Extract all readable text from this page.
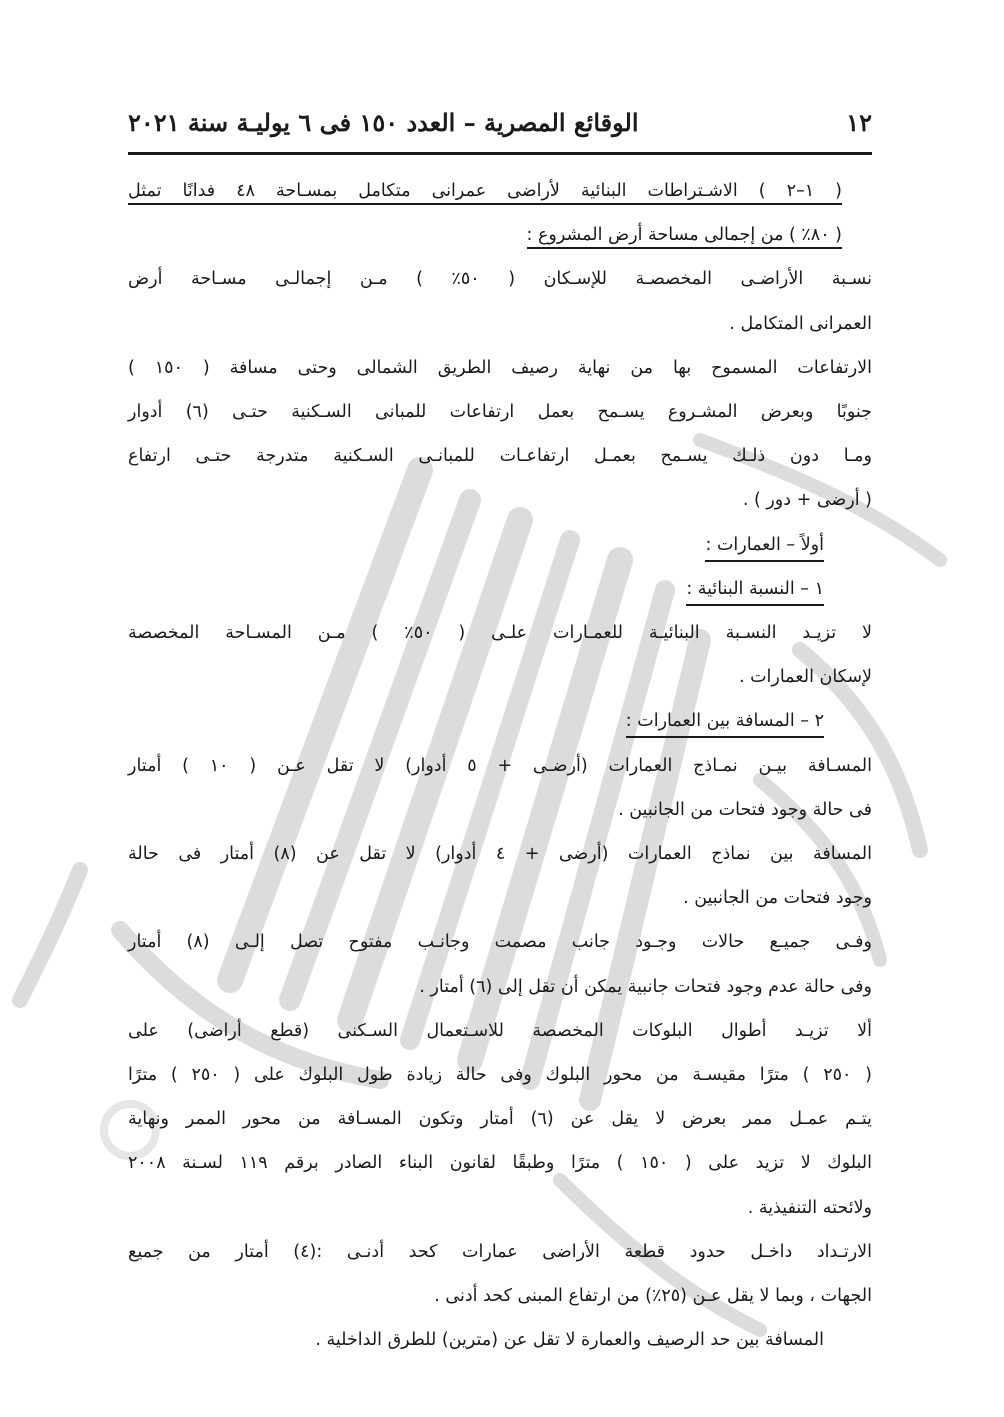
١٢
الوقائع المصرية – العدد ١٥٠ فى ٦ يوليـة سنة ٢٠٢١

( ١–٢ ) الاشـتراطات البنائية لأراضى عمرانى متكامل بمسـاحة ٤٨ فدانًا تمثل

( ٨٠٪ ) من إجمالى مساحة أرض المشروع :

نسـبة الأراضـى المخصصـة للإسـكان ( ٥٠٪ ) مـن إجمالـى مسـاحة أرض

العمرانى المتكامل .

الارتفاعات المسموح بها من نهاية رصيف الطريق الشمالى وحتى مسافة ( ١٥٠ )

جنوبًا وبعرض المشـروع يسـمح بعمل ارتفاعات للمبانى السـكنية حتـى (٦) أدوار

ومـا دون ذلـك يسـمح بعمـل ارتفاعـات للمبانـى السـكنية متدرجة حتـى ارتفاع

( أرضى + دور ) .

أولاً – العمارات :

١ – النسبة البنائية :

لا تزيـد النسـبة البنائيـة للعمـارات علـى ( ٥٠٪ ) مـن المسـاحة المخصصة

لإسكان العمارات .

٢ – المسافة بين العمارات :

المسـافة بيـن نمـاذج العمارات (أرضـى + ٥ أدوار) لا تقل عـن ( ١٠ ) أمتار

فى حالة وجود فتحات من الجانبين .

المسافة بين نماذج العمارات (أرضى + ٤ أدوار) لا تقل عن (٨) أمتار فى حالة

وجود فتحات من الجانبين .

وفـى جميـع حالات وجـود جانب مصمت وجانـب مفتوح تصل إلـى (٨) أمتار

وفى حالة عدم وجود فتحات جانبية يمكن أن تقل إلى (٦) أمتار .

ألا تزيـد أطوال البلوكات المخصصة للاسـتعمال السـكنى (قطع أراضى) على

( ٢٥٠ ) مترًا مقيسـة من محور البلوك وفى حالة زيادة طول البلوك على ( ٢٥٠ ) مترًا

يتـم عمـل ممر بعرض لا يقل عن (٦) أمتار وتكون المسـافة من محور الممر ونهاية

البلوك لا تزيد على ( ١٥٠ ) مترًا وطبقًا لقانون البناء الصادر برقم ١١٩ لسـنة ٢٠٠٨

ولائحته التنفيذية .

الارتـداد داخـل حدود قطعة الأراضى عمارات كحد أدنـى :(٤) أمتار من جميع

الجهات ، وبما لا يقل عـن (٢٥٪) من ارتفاع المبنى كحد أدنى .

المسافة بين حد الرصيف والعمارة لا تقل عن (مترين) للطرق الداخلية .
